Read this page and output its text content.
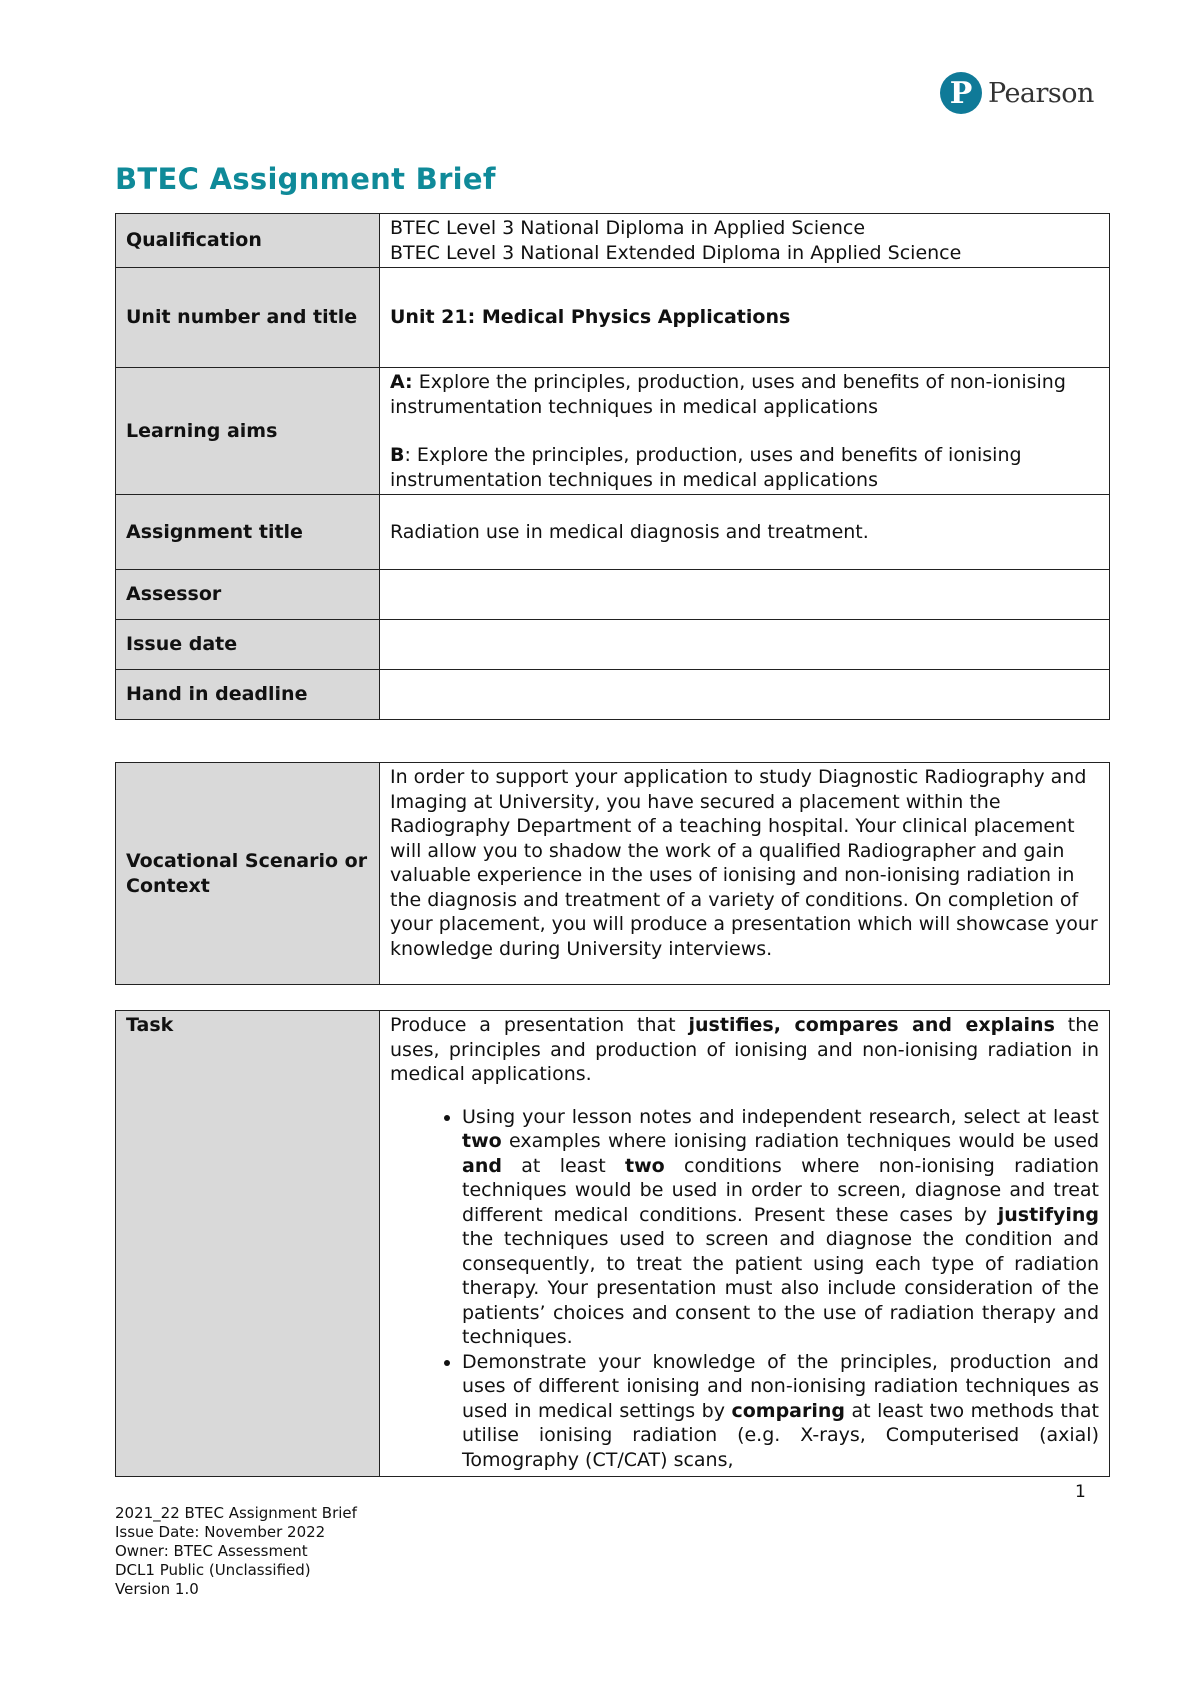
P Pearson
BTEC Assignment Brief
Qualification	BTEC Level 3 National Diploma in Applied Science
BTEC Level 3 National Extended Diploma in Applied Science

Unit number and title	Unit 21: Medical Physics Applications
Learning aims	A: Explore the principles, production, uses and benefits of non-ionising instrumentation techniques in medical applications
B: Explore the principles, production, uses and benefits of ionising instrumentation techniques in medical applications

Assignment title	Radiation use in medical diagnosis and treatment.
Assessor	
Issue date	
Hand in deadline	
Vocational Scenario or Context	In order to support your application to study Diagnostic Radiography and Imaging at University, you have secured a placement within the Radiography Department of a teaching hospital. Your clinical placement will allow you to shadow the work of a qualified Radiographer and gain valuable experience in the uses of ionising and non-ionising radiation in the diagnosis and treatment of a variety of conditions. On completion of your placement, you will produce a presentation which will showcase your knowledge during University interviews.
Task	Produce a presentation that justifies, compares and explains the uses, principles and production of ionising and non-ionising radiation in medical applications.
• Using your lesson notes and independent research, select at least two examples where ionising radiation techniques would be used and at least two conditions where non-ionising radiation techniques would be used in order to screen, diagnose and treat different medical conditions. Present these cases by justifying the techniques used to screen and diagnose the condition and consequently, to treat the patient using each type of radiation therapy. Your presentation must also include consideration of the patients’ choices and consent to the use of radiation therapy and techniques.
• Demonstrate your knowledge of the principles, production and uses of different ionising and non-ionising radiation techniques as used in medical settings by comparing at least two methods that utilise ionising radiation (e.g. X-rays, Computerised (axial) Tomography (CT/CAT) scans,
1
2021_22 BTEC Assignment Brief
Issue Date: November 2022
Owner: BTEC Assessment
DCL1 Public (Unclassified)
Version 1.0
